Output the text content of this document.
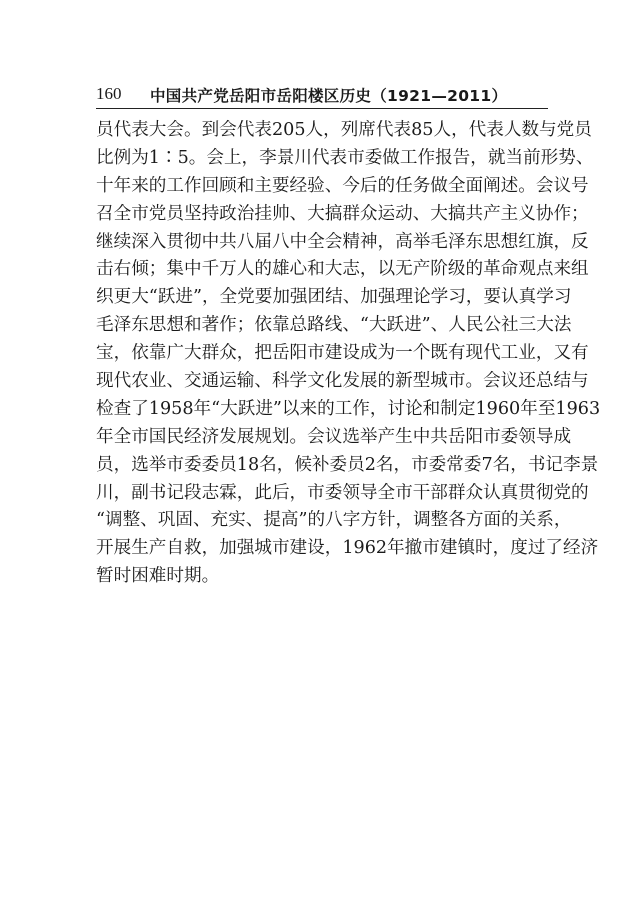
160 中国共产党岳阳市岳阳楼区历史（1921—2011）
员代表大会。到会代表205人，列席代表85人，代表人数与党员
比例为1∶5。会上，李景川代表市委做工作报告，就当前形势、
十年来的工作回顾和主要经验、今后的任务做全面阐述。会议号
召全市党员坚持政治挂帅、大搞群众运动、大搞共产主义协作；
继续深入贯彻中共八届八中全会精神，高举毛泽东思想红旗，反
击右倾；集中千万人的雄心和大志，以无产阶级的革命观点来组
织更大“跃进”，全党要加强团结、加强理论学习，要认真学习
毛泽东思想和著作；依靠总路线、“大跃进”、人民公社三大法
宝，依靠广大群众，把岳阳市建设成为一个既有现代工业，又有
现代农业、交通运输、科学文化发展的新型城市。会议还总结与
检查了1958年“大跃进”以来的工作，讨论和制定1960年至1963
年全市国民经济发展规划。会议选举产生中共岳阳市委领导成
员，选举市委委员18名，候补委员2名，市委常委7名，书记李景
川，副书记段志霖，此后，市委领导全市干部群众认真贯彻党的
“调整、巩固、充实、提高”的八字方针，调整各方面的关系，
开展生产自救，加强城市建设，1962年撤市建镇时，度过了经济
暂时困难时期。
